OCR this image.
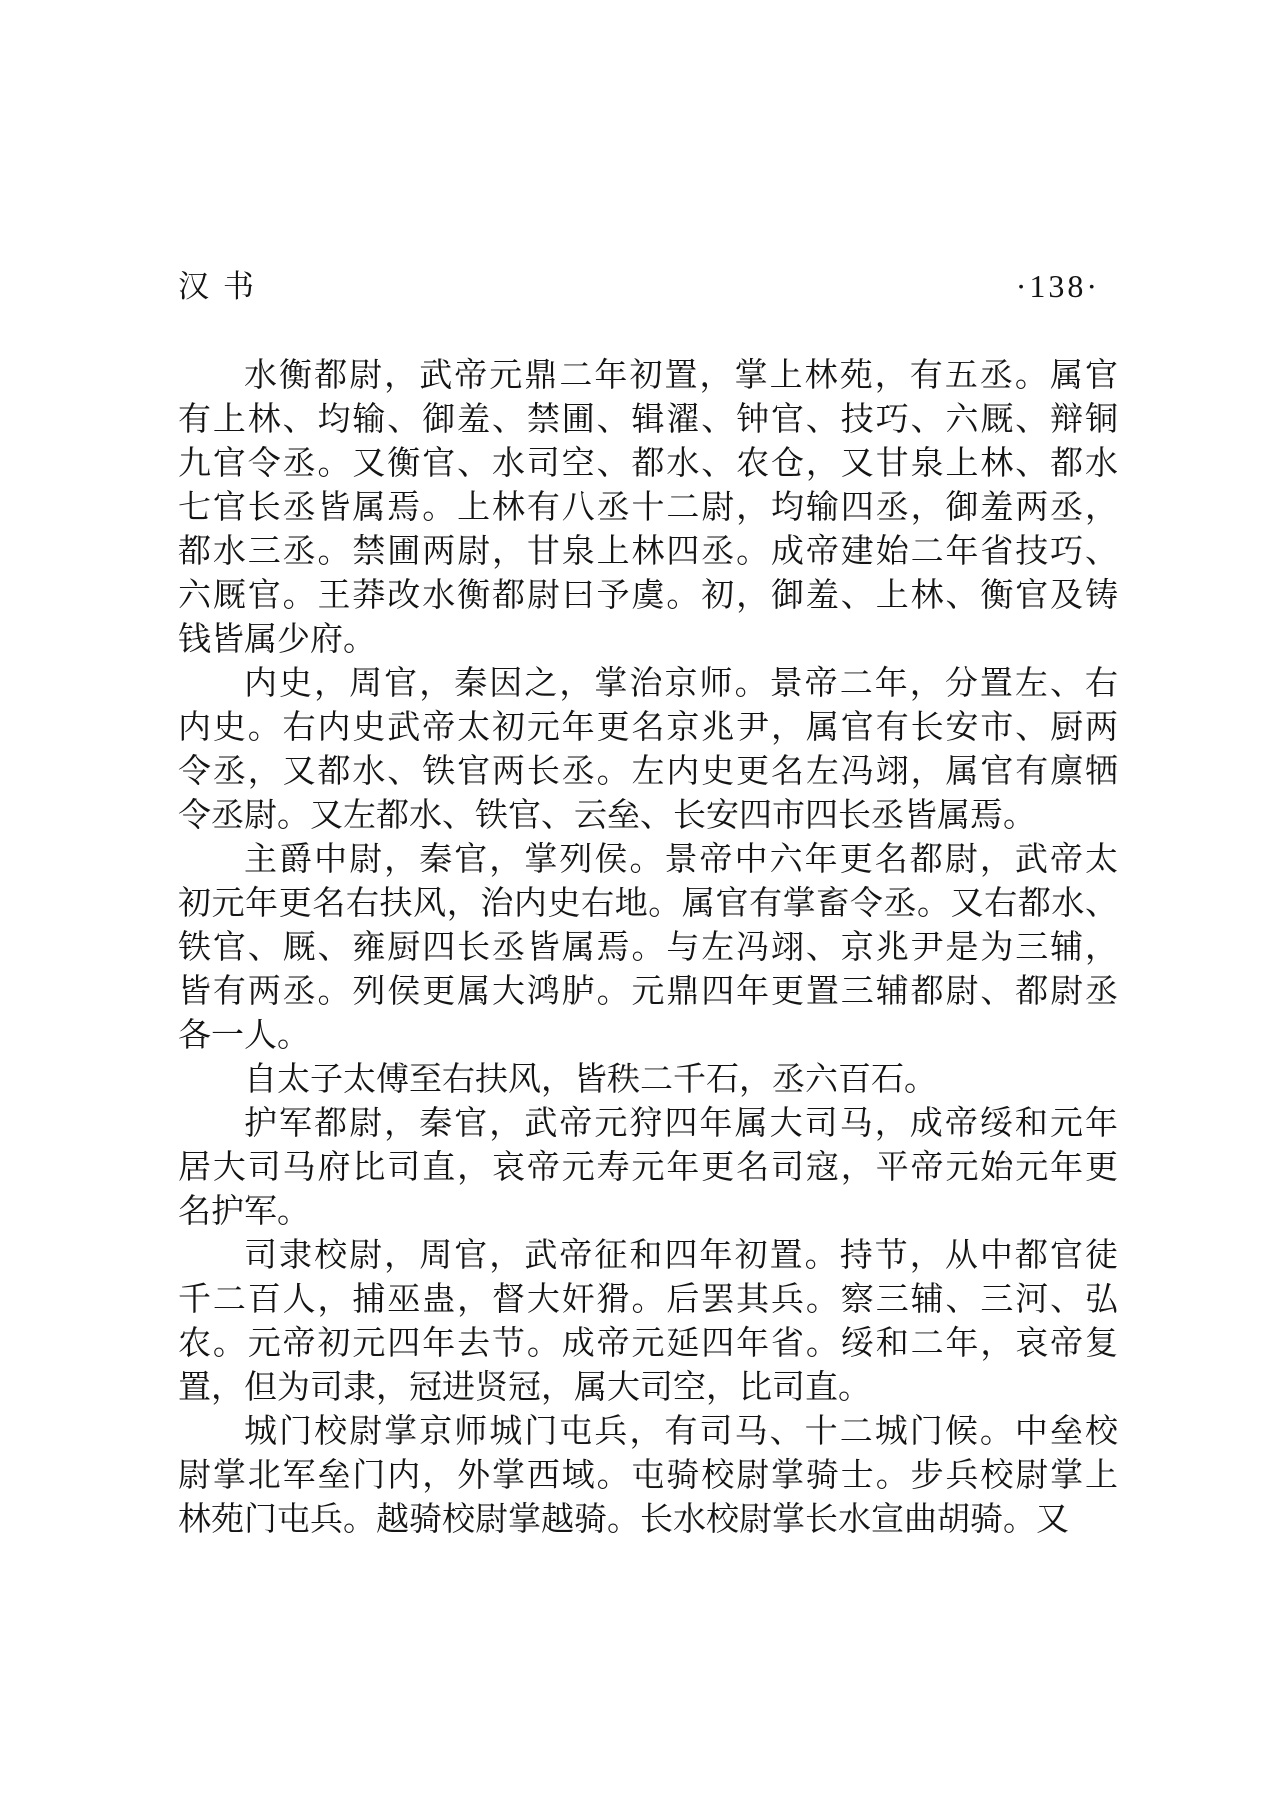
汉书	·138·

水衡都尉，武帝元鼎二年初置，掌上林苑，有五丞。属官
有上林、均输、御羞、禁圃、辑濯、钟官、技巧、六厩、辩铜
九官令丞。又衡官、水司空、都水、农仓，又甘泉上林、都水
七官长丞皆属焉。上林有八丞十二尉，均输四丞，御羞两丞，
都水三丞。禁圃两尉，甘泉上林四丞。成帝建始二年省技巧、
六厩官。王莽改水衡都尉曰予虞。初，御羞、上林、衡官及铸
钱皆属少府。

内史，周官，秦因之，掌治京师。景帝二年，分置左、右
内史。右内史武帝太初元年更名京兆尹，属官有长安市、厨两
令丞，又都水、铁官两长丞。左内史更名左冯翊，属官有廪牺
令丞尉。又左都水、铁官、云垒、长安四市四长丞皆属焉。

主爵中尉，秦官，掌列侯。景帝中六年更名都尉，武帝太
初元年更名右扶风，治内史右地。属官有掌畜令丞。又右都水、
铁官、厩、雍厨四长丞皆属焉。与左冯翊、京兆尹是为三辅，
皆有两丞。列侯更属大鸿胪。元鼎四年更置三辅都尉、都尉丞
各一人。

自太子太傅至右扶风，皆秩二千石，丞六百石。

护军都尉，秦官，武帝元狩四年属大司马，成帝绥和元年
居大司马府比司直，哀帝元寿元年更名司寇，平帝元始元年更
名护军。

司隶校尉，周官，武帝征和四年初置。持节，从中都官徒
千二百人，捕巫蛊，督大奸猾。后罢其兵。察三辅、三河、弘
农。元帝初元四年去节。成帝元延四年省。绥和二年，哀帝复
置，但为司隶，冠进贤冠，属大司空，比司直。

城门校尉掌京师城门屯兵，有司马、十二城门候。中垒校
尉掌北军垒门内，外掌西域。屯骑校尉掌骑士。步兵校尉掌上
林苑门屯兵。越骑校尉掌越骑。长水校尉掌长水宣曲胡骑。又
